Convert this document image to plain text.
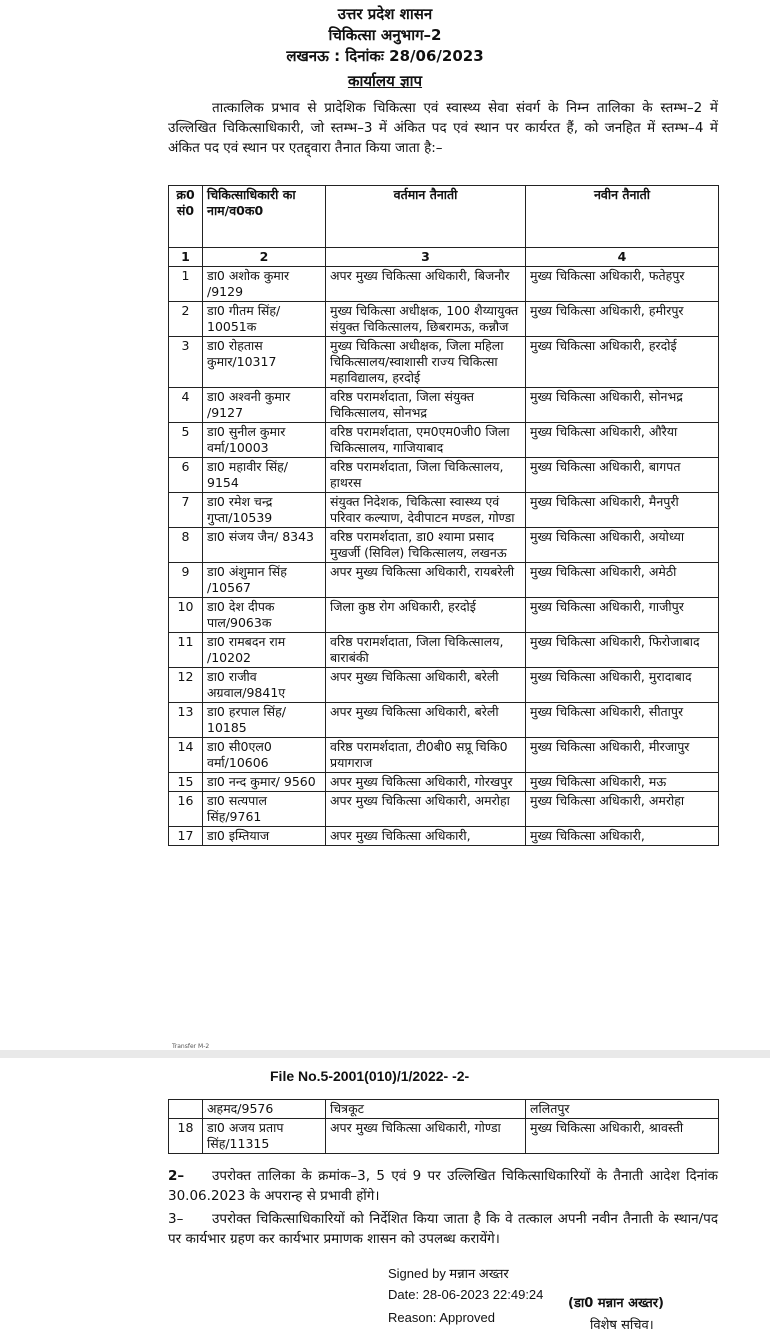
उत्तर प्रदेश शासन
चिकित्सा अनुभाग–2
लखनऊ : दिनांकः 28/06/2023
कार्यालय ज्ञाप
तात्कालिक प्रभाव से प्रादेशिक चिकित्सा एवं स्वास्थ्य सेवा संवर्ग के निम्न तालिका के स्तम्भ–2 में उल्लिखित चिकित्साधिकारी, जो स्तम्भ–3 में अंकित पद एवं स्थान पर कार्यरत हैं, को जनहित में स्तम्भ–4 में अंकित पद एवं स्थान पर एतद्द्वारा तैनात किया जाता है:–
क्र0 सं0	चिकित्साधिकारी का नाम/व0क0	वर्तमान तैनाती	नवीन तैनाती
1	2	3	4
1	डा0 अशोक कुमार /9129	अपर मुख्य चिकित्सा अधिकारी, बिजनौर	मुख्य चिकित्सा अधिकारी, फतेहपुर
2	डा0 गीतम सिंह/ 10051क	मुख्य चिकित्सा अधीक्षक, 100 शैय्यायुक्त संयुक्त चिकित्सालय, छिबरामऊ, कन्नौज	मुख्य चिकित्सा अधिकारी, हमीरपुर
3	डा0 रोहतास कुमार/10317	मुख्य चिकित्सा अधीक्षक, जिला महिला चिकित्सालय/स्वाशासी राज्य चिकित्सा महाविद्यालय, हरदोई	मुख्य चिकित्सा अधिकारी, हरदोई
4	डा0 अश्वनी कुमार /9127	वरिष्ठ परामर्शदाता, जिला संयुक्त चिकित्सालय, सोनभद्र	मुख्य चिकित्सा अधिकारी, सोनभद्र
5	डा0 सुनील कुमार वर्मा/10003	वरिष्ठ परामर्शदाता, एम0एम0जी0 जिला चिकित्सालय, गाजियाबाद	मुख्य चिकित्सा अधिकारी, औरैया
6	डा0 महावीर सिंह/ 9154	वरिष्ठ परामर्शदाता, जिला चिकित्सालय, हाथरस	मुख्य चिकित्सा अधिकारी, बागपत
7	डा0 रमेश चन्द्र गुप्ता/10539	संयुक्त निदेशक, चिकित्सा स्वास्थ्य एवं परिवार कल्याण, देवीपाटन मण्डल, गोण्डा	मुख्य चिकित्सा अधिकारी, मैनपुरी
8	डा0 संजय जैन/ 8343	वरिष्ठ परामर्शदाता, डा0 श्यामा प्रसाद मुखर्जी (सिविल) चिकित्सालय, लखनऊ	मुख्य चिकित्सा अधिकारी, अयोध्या
9	डा0 अंशुमान सिंह /10567	अपर मुख्य चिकित्सा अधिकारी, रायबरेली	मुख्य चिकित्सा अधिकारी, अमेठी
10	डा0 देश दीपक पाल/9063क	जिला कुष्ठ रोग अधिकारी, हरदोई	मुख्य चिकित्सा अधिकारी, गाजीपुर
11	डा0 रामबदन राम /10202	वरिष्ठ परामर्शदाता, जिला चिकित्सालय, बाराबंकी	मुख्य चिकित्सा अधिकारी, फिरोजाबाद
12	डा0 राजीव अग्रवाल/9841ए	अपर मुख्य चिकित्सा अधिकारी, बरेली	मुख्य चिकित्सा अधिकारी, मुरादाबाद
13	डा0 हरपाल सिंह/ 10185	अपर मुख्य चिकित्सा अधिकारी, बरेली	मुख्य चिकित्सा अधिकारी, सीतापुर
14	डा0 सी0एल0 वर्मा/10606	वरिष्ठ परामर्शदाता, टी0बी0 सप्रू चिकि0 प्रयागराज	मुख्य चिकित्सा अधिकारी, मीरजापुर
15	डा0 नन्द कुमार/ 9560	अपर मुख्य चिकित्सा अधिकारी, गोरखपुर	मुख्य चिकित्सा अधिकारी, मऊ
16	डा0 सत्यपाल सिंह/9761	अपर मुख्य चिकित्सा अधिकारी, अमरोहा	मुख्य चिकित्सा अधिकारी, अमरोहा
17	डा0 इम्तियाज	अपर मुख्य चिकित्सा अधिकारी,	मुख्य चिकित्सा अधिकारी,
Transfer M-2
File No.5-2001(010)/1/2022- -2-
	अहमद/9576	चित्रकूट	ललितपुर
18	डा0 अजय प्रताप सिंह/11315	अपर मुख्य चिकित्सा अधिकारी, गोण्डा	मुख्य चिकित्सा अधिकारी, श्रावस्ती
2– उपरोक्त तालिका के क्रमांक–3, 5 एवं 9 पर उल्लिखित चिकित्साधिकारियों के तैनाती आदेश दिनांक 30.06.2023 के अपरान्ह से प्रभावी होंगे।
3– उपरोक्त चिकित्साधिकारियों को निर्देशित किया जाता है कि वे तत्काल अपनी नवीन तैनाती के स्थान/पद पर कार्यभार ग्रहण कर कार्यभार प्रमाणक शासन को उपलब्ध करायेंगे।
Signed by मन्नान अख्तर
Date: 28-06-2023 22:49:24
Reason: Approved
(डा0 मन्नान अख्तर)
विशेष सचिव।
